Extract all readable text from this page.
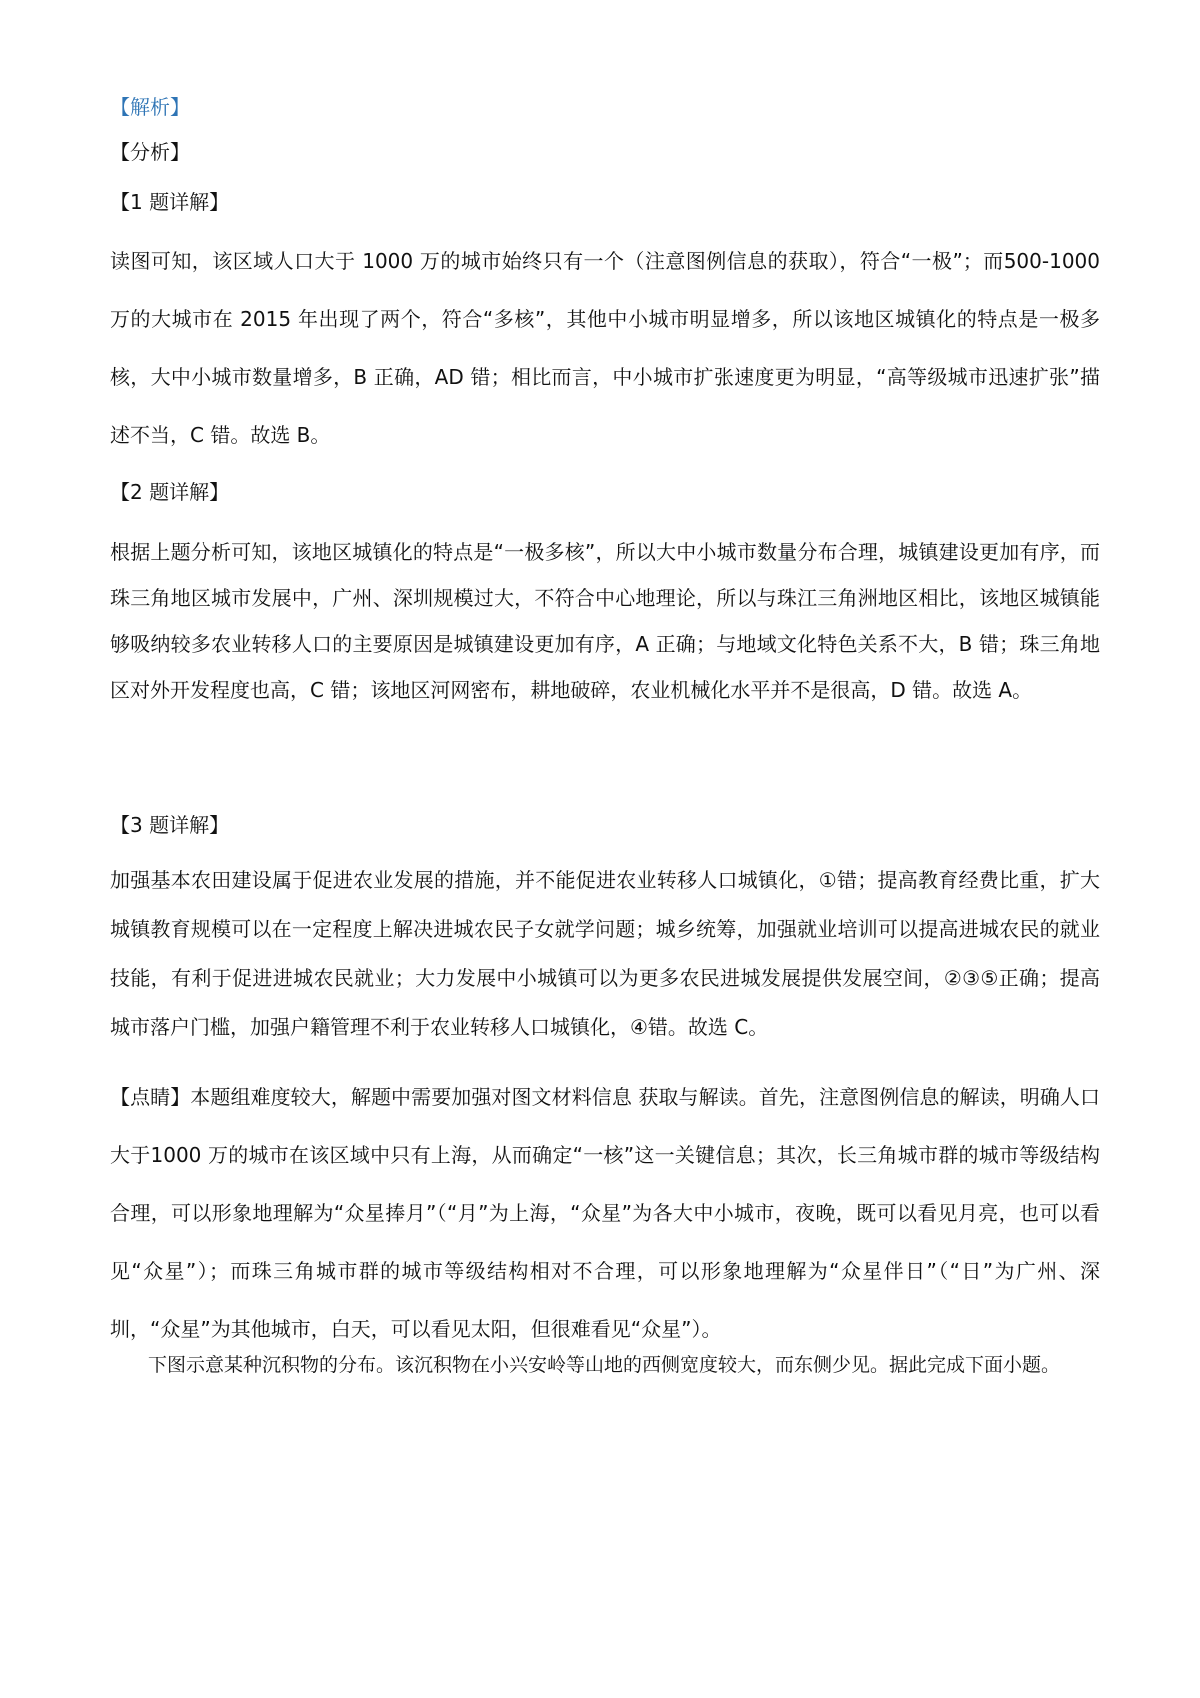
【解析】

【分析】

【1 题详解】

读图可知，该区域人口大于 1000 万的城市始终只有一个（注意图例信息的获取），符合“一极”；而500-1000 万的大城市在 2015 年出现了两个，符合“多核”，其他中小城市明显增多，所以该地区城镇化的特点是一极多核，大中小城市数量增多，B 正确，AD 错；相比而言，中小城市扩张速度更为明显，“高等级城市迅速扩张”描述不当，C 错。故选 B。

【2 题详解】

根据上题分析可知，该地区城镇化的特点是“一极多核”，所以大中小城市数量分布合理，城镇建设更加有序，而珠三角地区城市发展中，广州、深圳规模过大，不符合中心地理论，所以与珠江三角洲地区相比，该地区城镇能够吸纳较多农业转移人口的主要原因是城镇建设更加有序，A 正确；与地域文化特色关系不大，B 错；珠三角地区对外开发程度也高，C 错；该地区河网密布，耕地破碎，农业机械化水平并不是很高，D 错。故选 A。

【3 题详解】

加强基本农田建设属于促进农业发展的措施，并不能促进农业转移人口城镇化，①错；提高教育经费比重，扩大城镇教育规模可以在一定程度上解决进城农民子女就学问题；城乡统筹，加强就业培训可以提高进城农民的就业技能，有利于促进进城农民就业；大力发展中小城镇可以为更多农民进城发展提供发展空间，②③⑤正确；提高城市落户门槛，加强户籍管理不利于农业转移人口城镇化，④错。故选 C。

【点睛】本题组难度较大，解题中需要加强对图文材料信息 获取与解读。首先，注意图例信息的解读，明确人口大于1000 万的城市在该区域中只有上海，从而确定“一核”这一关键信息；其次，长三角城市群的城市等级结构合理，可以形象地理解为“众星捧月”（“月”为上海，“众星”为各大中小城市，夜晚，既可以看见月亮，也可以看见“众星”）；而珠三角城市群的城市等级结构相对不合理，可以形象地理解为“众星伴日”（“日”为广州、深圳，“众星”为其他城市，白天，可以看见太阳，但很难看见“众星”）。

下图示意某种沉积物的分布。该沉积物在小兴安岭等山地的西侧宽度较大，而东侧少见。据此完成下面小题。
